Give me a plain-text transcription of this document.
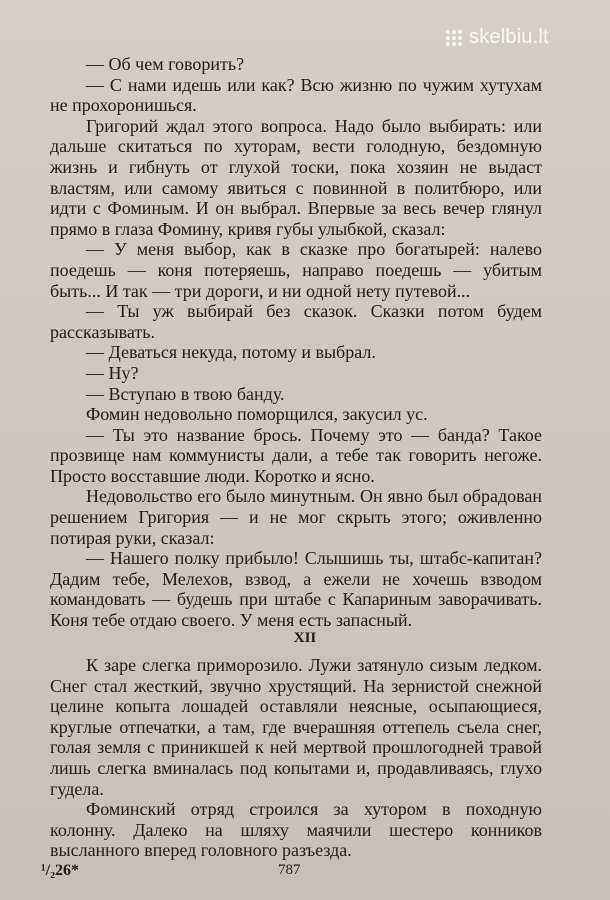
skelbiu.lt

— Об чем говорить?

— С нами идешь или как? Всю жизню по чужим хутухам не прохоронишься.

Григорий ждал этого вопроса. Надо было выбирать: или дальше скитаться по хуторам, вести голодную, бездомную жизнь и гибнуть от глухой тоски, пока хозяин не выдаст властям, или самому явиться с повинной в политбюро, или идти с Фоминым. И он выбрал. Впервые за весь вечер глянул прямо в глаза Фомину, кривя губы улыбкой, сказал:

— У меня выбор, как в сказке про богатырей: налево поедешь — коня потеряешь, направо поедешь — убитым быть... И так — три дороги, и ни одной нету путевой...

— Ты уж выбирай без сказок. Сказки потом будем рассказывать.

— Деваться некуда, потому и выбрал.

— Ну?

— Вступаю в твою банду.

Фомин недовольно поморщился, закусил ус.

— Ты это название брось. Почему это — банда? Такое прозвище нам коммунисты дали, а тебе так говорить негоже. Просто восставшие люди. Коротко и ясно.

Недовольство его было минутным. Он явно был обрадован решением Григория — и не мог скрыть этого; оживленно потирая руки, сказал:

— Нашего полку прибыло! Слышишь ты, штабс-капитан? Дадим тебе, Мелехов, взвод, а ежели не хочешь взводом командовать — будешь при штабе с Капариным заворачивать. Коня тебе отдаю своего. У меня есть запасный.

XII

К заре слегка приморозило. Лужи затянуло сизым ледком. Снег стал жесткий, звучно хрустящий. На зернистой снежной целине копыта лошадей оставляли неясные, осыпающиеся, круглые отпечатки, а там, где вчерашняя оттепель съела снег, голая земля с приникшей к ней мертвой прошлогодней травой лишь слегка вминалась под копытами и, продавливаясь, глухо гудела.

Фоминский отряд строился за хутором в походную колонну. Далеко на шляху маячили шестеро конников высланного вперед головного разъезда.

¹/₂26*	787
